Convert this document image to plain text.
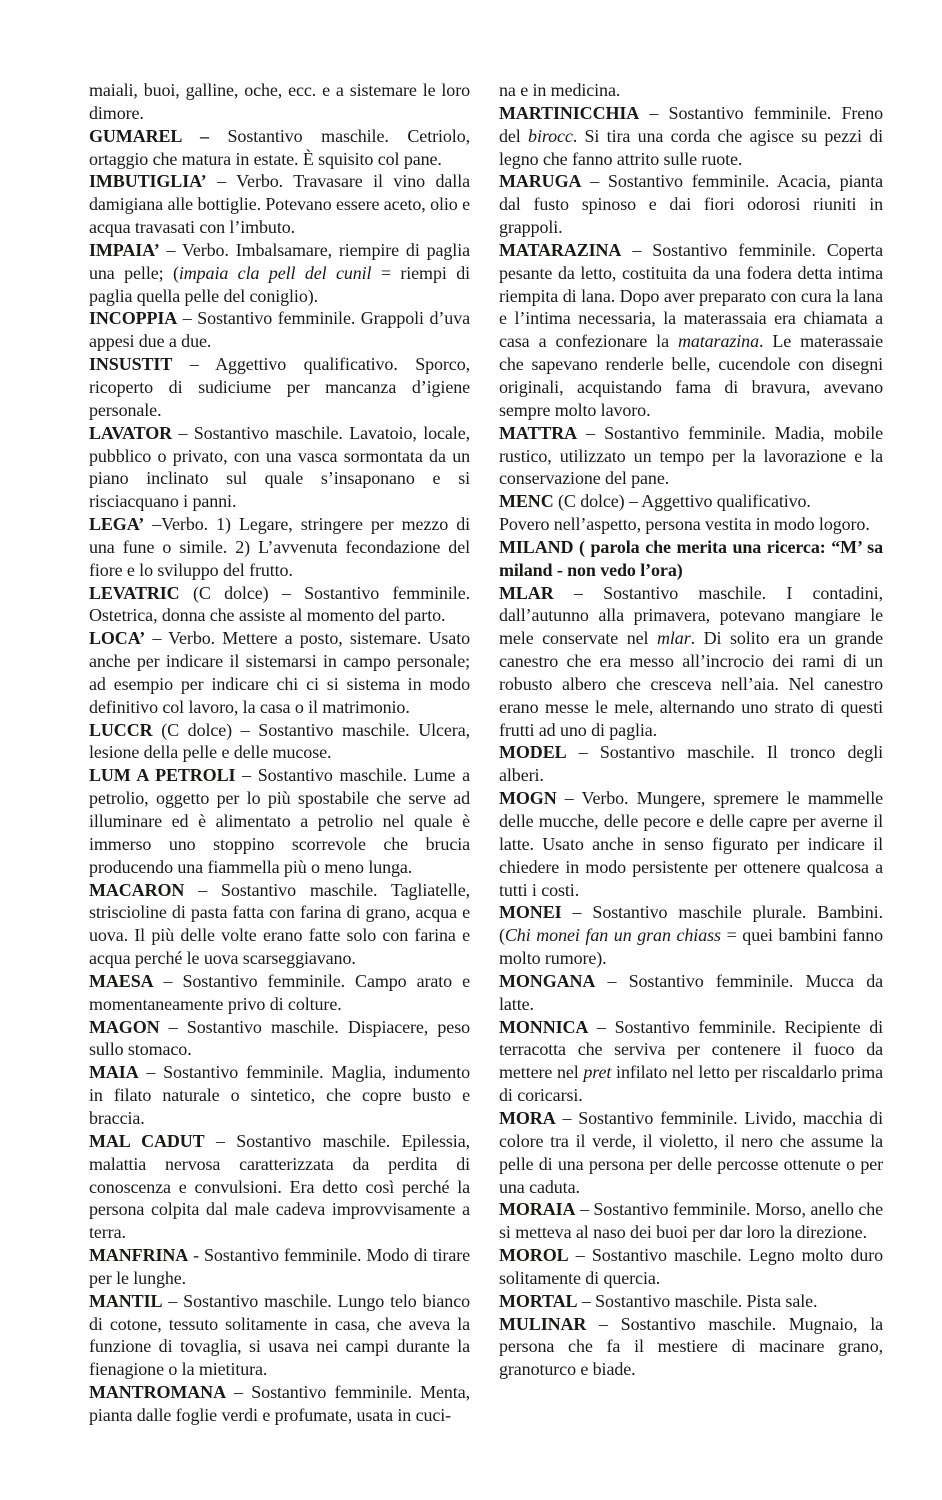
maiali, buoi, galline, oche, ecc. e a sistemare le loro dimore.

GUMAREL – Sostantivo maschile. Cetriolo, ortaggio che matura in estate. È squisito col pane.

IMBUTIGLIA’ – Verbo. Travasare il vino dalla damigiana alle bottiglie. Potevano essere aceto, olio e acqua travasati con l’imbuto.

IMPAIA’ – Verbo. Imbalsamare, riempire di paglia una pelle; (impaia cla pell del cunil = riempi di paglia quella pelle del coniglio).

INCOPPIA – Sostantivo femminile. Grappoli d’uva appesi due a due.

INSUSTIT – Aggettivo qualificativo. Sporco, ricoperto di sudiciume per mancanza d’igiene personale.

LAVATOR – Sostantivo maschile. Lavatoio, locale, pubblico o privato, con una vasca sormontata da un piano inclinato sul quale s’insaponano e si risciacquano i panni.

LEGA’ –Verbo. 1) Legare, stringere per mezzo di una fune o simile. 2) L’avvenuta fecondazione del fiore e lo sviluppo del frutto.

LEVATRIC (C dolce) – Sostantivo femminile. Ostetrica, donna che assiste al momento del parto.

LOCA’ – Verbo. Mettere a posto, sistemare. Usato anche per indicare il sistemarsi in campo personale; ad esempio per indicare chi ci si sistema in modo definitivo col lavoro, la casa o il matrimonio.

LUCCR (C dolce) – Sostantivo maschile. Ulcera, lesione della pelle e delle mucose.

LUM A PETROLI – Sostantivo maschile. Lume a petrolio, oggetto per lo più spostabile che serve ad illuminare ed è alimentato a petrolio nel quale è immerso uno stoppino scorrevole che brucia producendo una fiammella più o meno lunga.

MACARON – Sostantivo maschile. Tagliatelle, striscioline di pasta fatta con farina di grano, acqua e uova. Il più delle volte erano fatte solo con farina e acqua perché le uova scarseggiavano.

MAESA – Sostantivo femminile. Campo arato e momentaneamente privo di colture.

MAGON – Sostantivo maschile. Dispiacere, peso sullo stomaco.

MAIA – Sostantivo femminile. Maglia, indumento in filato naturale o sintetico, che copre busto e braccia.

MAL CADUT – Sostantivo maschile. Epilessia, malattia nervosa caratterizzata da perdita di conoscenza e convulsioni. Era detto così perché la persona colpita dal male cadeva improvvisamente a terra.

MANFRINA - Sostantivo femminile. Modo di tirare per le lunghe.

MANTIL – Sostantivo maschile. Lungo telo bianco di cotone, tessuto solitamente in casa, che aveva la funzione di tovaglia, si usava nei campi durante la fienagione o la mietitura.

MANTROMANA – Sostantivo femminile. Menta, pianta dalle foglie verdi e profumate, usata in cuci-

na e in medicina.

MARTINICCHIA – Sostantivo femminile. Freno del birocc. Si tira una corda che agisce su pezzi di legno che fanno attrito sulle ruote.

MARUGA – Sostantivo femminile. Acacia, pianta dal fusto spinoso e dai fiori odorosi riuniti in grappoli.

MATARAZINA – Sostantivo femminile. Coperta pesante da letto, costituita da una fodera detta intima riempita di lana. Dopo aver preparato con cura la lana e l’intima necessaria, la materassaia era chiamata a casa a confezionare la matarazina. Le materassaie che sapevano renderle belle, cucendole con disegni originali, acquistando fama di bravura, avevano sempre molto lavoro.

MATTRA – Sostantivo femminile. Madia, mobile rustico, utilizzato un tempo per la lavorazione e la conservazione del pane.

MENC (C dolce) – Aggettivo qualificativo.

Povero nell’aspetto, persona vestita in modo logoro.

MILAND ( parola che merita una ricerca: “M’ sa miland - non vedo l’ora)

MLAR – Sostantivo maschile. I contadini, dall’autunno alla primavera, potevano mangiare le mele conservate nel mlar. Di solito era un grande canestro che era messo all’incrocio dei rami di un robusto albero che cresceva nell’aia. Nel canestro erano messe le mele, alternando uno strato di questi frutti ad uno di paglia.

MODEL – Sostantivo maschile. Il tronco degli alberi.

MOGN – Verbo. Mungere, spremere le mammelle delle mucche, delle pecore e delle capre per averne il latte. Usato anche in senso figurato per indicare il chiedere in modo persistente per ottenere qualcosa a tutti i costi.

MONEI – Sostantivo maschile plurale. Bambini. (Chi monei fan un gran chiass = quei bambini fanno molto rumore).

MONGANA – Sostantivo femminile. Mucca da latte.

MONNICA – Sostantivo femminile. Recipiente di terracotta che serviva per contenere il fuoco da mettere nel pret infilato nel letto per riscaldarlo prima di coricarsi.

MORA – Sostantivo femminile. Livido, macchia di colore tra il verde, il violetto, il nero che assume la pelle di una persona per delle percosse ottenute o per una caduta.

MORAIA – Sostantivo femminile. Morso, anello che si metteva al naso dei buoi per dar loro la direzione.

MOROL – Sostantivo maschile. Legno molto duro solitamente di quercia.

MORTAL – Sostantivo maschile. Pista sale.

MULINAR – Sostantivo maschile. Mugnaio, la persona che fa il mestiere di macinare grano, granoturco e biade.
